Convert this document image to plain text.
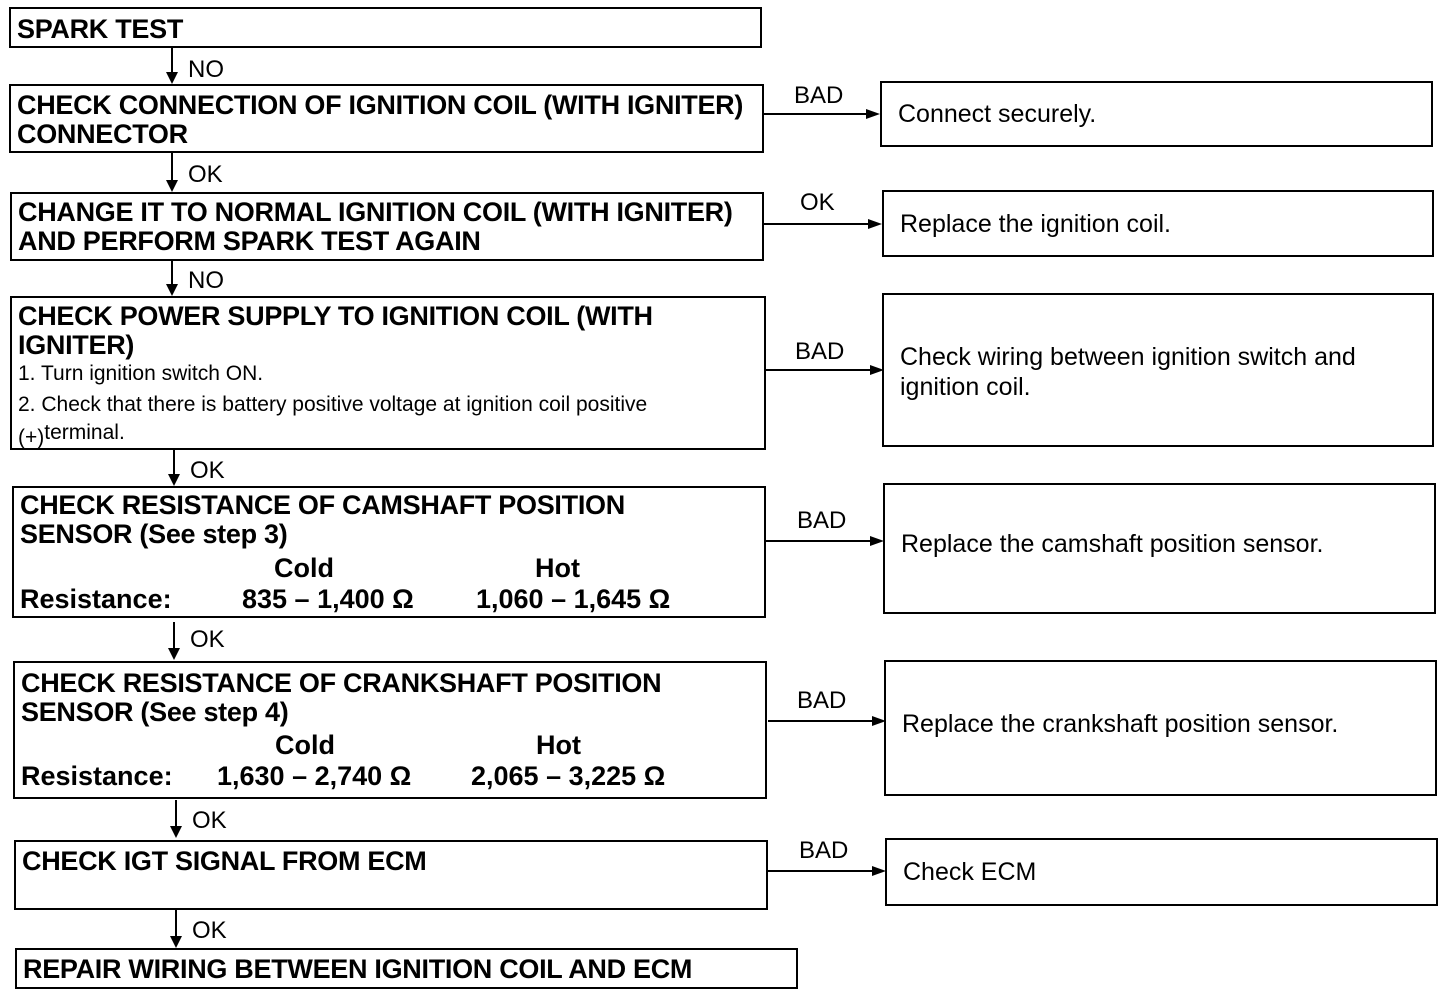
NO
OK
NO
OK
OK
OK
OK
BAD
OK
BAD
BAD
BAD
BAD
SPARK TEST
CHECK CONNECTION OF IGNITION COIL (WITH IGNITER) CONNECTOR
CHANGE IT TO NORMAL IGNITION COIL (WITH IGNITER) AND PERFORM SPARK TEST AGAIN
CHECK POWER SUPPLY TO IGNITION COIL (WITH IGNITER)
1. Turn ignition switch ON.
2. Check that there is battery positive voltage at ignition coil positive
(+)terminal.
CHECK RESISTANCE OF CAMSHAFT POSITION SENSOR (See step 3)
Cold	Hot
Resistance:	835 – 1,400 Ω 1,060 – 1,645 Ω
CHECK RESISTANCE OF CRANKSHAFT POSITION SENSOR (See step 4)
Cold	Hot
Resistance: 1,630 – 2,740 Ω 2,065 – 3,225 Ω
CHECK IGT SIGNAL FROM ECM
REPAIR WIRING BETWEEN IGNITION COIL AND ECM
Connect securely.
Replace the ignition coil.
Check wiring between ignition switch and ignition coil.
Replace the camshaft position sensor.
Replace the crankshaft position sensor.
Check ECM
